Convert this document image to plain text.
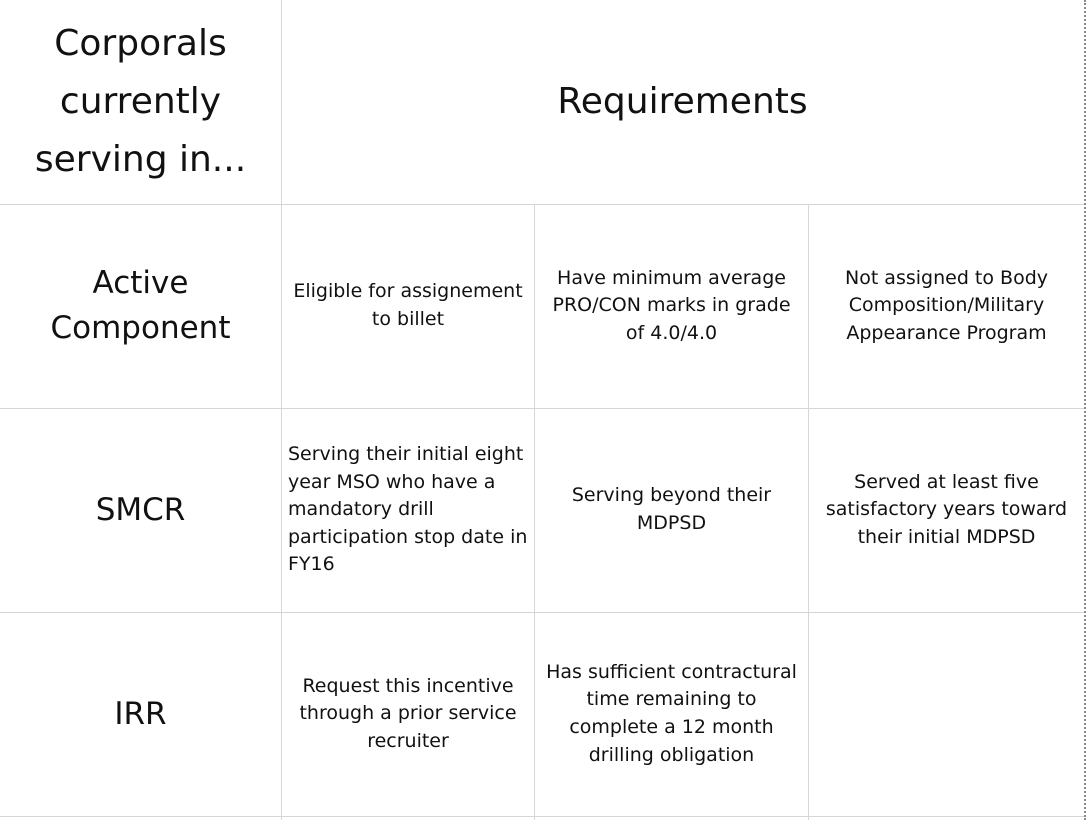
Corporals currently serving in...
Requirements
Active Component
Eligible for assignement to billet
Have minimum average PRO/CON marks in grade of 4.0/4.0
Not assigned to Body Composition/Military Appearance Program
SMCR
Serving their initial eight year MSO who have a mandatory drill participation stop date in FY16
Serving beyond their MDPSD
Served at least five satisfactory years toward their initial MDPSD
IRR
Request this incentive through a prior service recruiter
Has sufficient contractural time remaining to complete a 12 month drilling obligation
